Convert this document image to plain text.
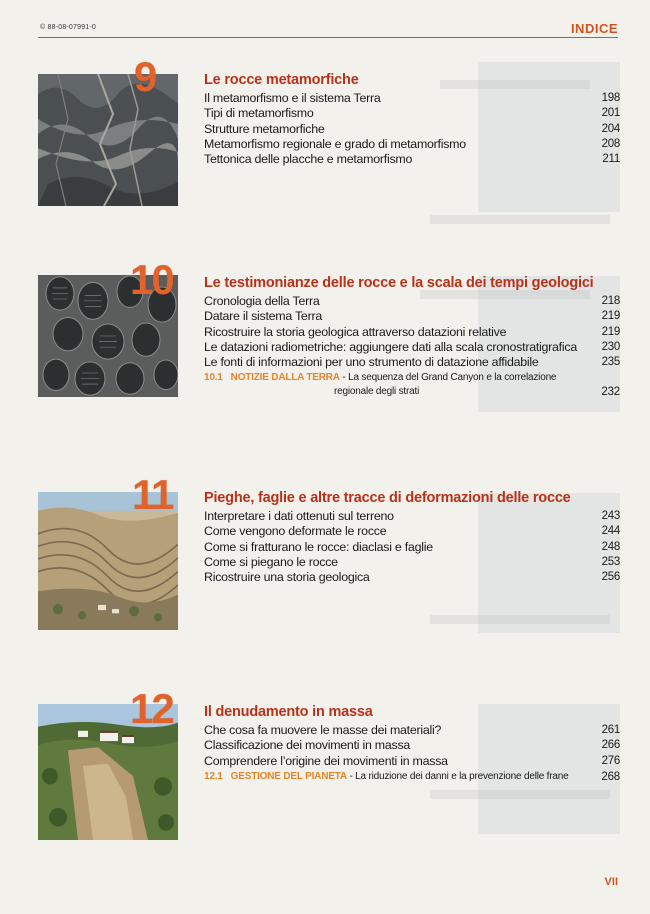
© 88-08-07991-0	INDICE
9	Le rocce metamorfiche
Il metamorfismo e il sistema Terra	198
Tipi di metamorfismo	201
Strutture metamorfiche	204
Metamorfismo regionale e grado di metamorfismo	208
Tettonica delle placche e metamorfismo	211
10 Le testimonianze delle rocce e la scala dei tempi geologici
Cronologia della Terra	218
Datare il sistema Terra	219
Ricostruire la storia geologica attraverso datazioni relative	219
Le datazioni radiometriche: aggiungere dati alla scala cronostratigrafica 230
Le fonti di informazioni per uno strumento di datazione affidabile	235
10.1 NOTIZIE DALLA TERRA - La sequenza del Grand Canyon e la correlazione
regionale degli strati	232
11 Pieghe, faglie e altre tracce di deformazioni delle rocce
Interpretare i dati ottenuti sul terreno	243
Come vengono deformate le rocce	244
Come si fratturano le rocce: diaclasi e faglie	248
Come si piegano le rocce	253
Ricostruire una storia geologica	256
12 Il denudamento in massa
Che cosa fa muovere le masse dei materiali?	261
Classificazione dei movimenti in massa	266
Comprendere l’origine dei movimenti in massa	276
12.1 GESTIONE DEL PIANETA - La riduzione dei danni e la prevenzione delle frane	268
VII
